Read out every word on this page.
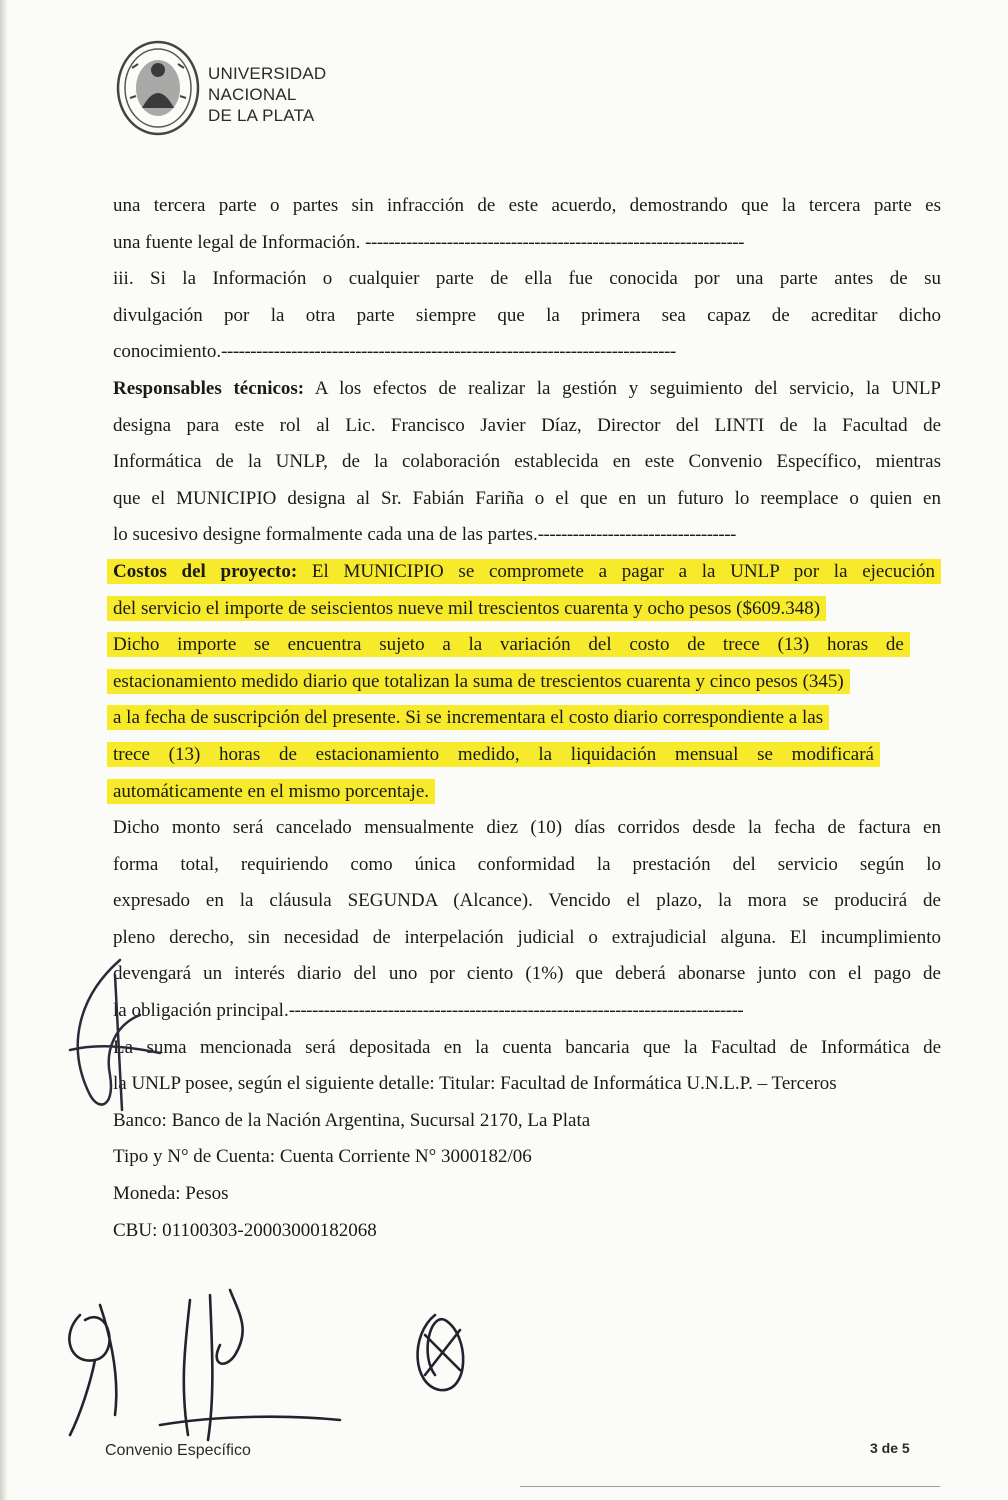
UNIVERSIDAD
NACIONAL
DE LA PLATA
una tercera parte o partes sin infracción de este acuerdo, demostrando que la tercera parte es
una fuente legal de Información. -----------------------------------------------------------------
iii. Si la Información o cualquier parte de ella fue conocida por una parte antes de su
divulgación por la otra parte siempre que la primera sea capaz de acreditar dicho
conocimiento.------------------------------------------------------------------------------
Responsables técnicos: A los efectos de realizar la gestión y seguimiento del servicio, la UNLP
designa para este rol al Lic. Francisco Javier Díaz, Director del LINTI de la Facultad de
Informática de la UNLP, de la colaboración establecida en este Convenio Específico, mientras
que el MUNICIPIO designa al Sr. Fabián Fariña o el que en un futuro lo reemplace o quien en
lo sucesivo designe formalmente cada una de las partes.----------------------------------
Costos del proyecto: El MUNICIPIO se compromete a pagar a la UNLP por la ejecución
del servicio el importe de seiscientos nueve mil trescientos cuarenta y ocho pesos ($609.348)
Dicho importe se encuentra sujeto a la variación del costo de trece (13) horas de
estacionamiento medido diario que totalizan la suma de trescientos cuarenta y cinco pesos (345)
a la fecha de suscripción del presente. Si se incrementara el costo diario correspondiente a las
trece (13) horas de estacionamiento medido, la liquidación mensual se modificará
automáticamente en el mismo porcentaje.
Dicho monto será cancelado mensualmente diez (10) días corridos desde la fecha de factura en
forma total, requiriendo como única conformidad la prestación del servicio según lo
expresado en la cláusula SEGUNDA (Alcance). Vencido el plazo, la mora se producirá de
pleno derecho, sin necesidad de interpelación judicial o extrajudicial alguna. El incumplimiento
devengará un interés diario del uno por ciento (1%) que deberá abonarse junto con el pago de
la obligación principal.------------------------------------------------------------------------------
La suma mencionada será depositada en la cuenta bancaria que la Facultad de Informática de
la UNLP posee, según el siguiente detalle: Titular: Facultad de Informática U.N.L.P. – Terceros
Banco: Banco de la Nación Argentina, Sucursal 2170, La Plata
Tipo y N° de Cuenta: Cuenta Corriente N° 3000182/06
Moneda: Pesos
CBU: 01100303-20003000182068
Convenio Específico	3 de 5
